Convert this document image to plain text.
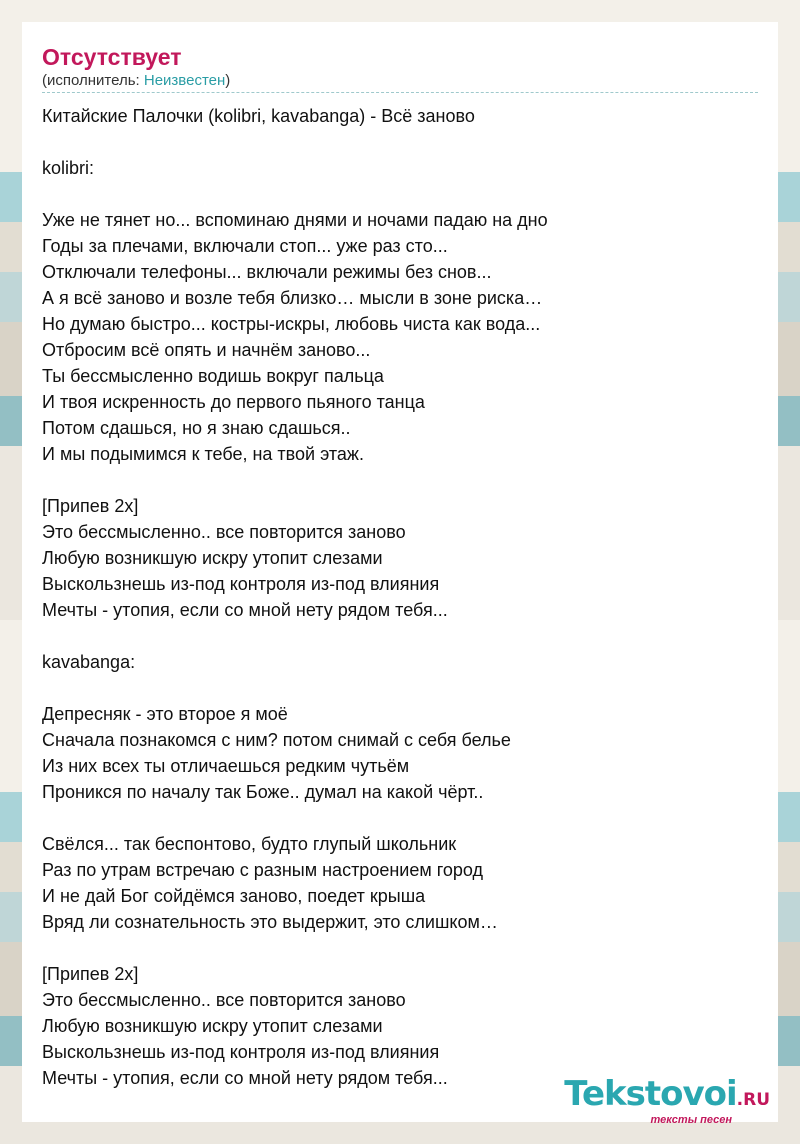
Отсутствует
(исполнитель: Неизвестен)
Китайские Палочки (kolibri, kavabanga) - Всё заново
kolibri:
Уже не тянет но... вспоминаю днями и ночами падаю на дно
Годы за плечами, включали стоп... уже раз сто...
Отключали телефоны... включали режимы без снов...
А я всё заново и возле тебя близко… мысли в зоне риска…
Но думаю быстро... костры-искры, любовь чиста как вода...
Отбросим всё опять и начнём заново...
Ты бессмысленно водишь вокруг пальца
И твоя искренность до первого пьяного танца
Потом сдашься, но я знаю сдашься..
И мы подымимся к тебе, на твой этаж.
[Припев 2х]
Это бессмысленно.. все повторится заново
Любую возникшую искру утопит слезами
Выскользнешь из-под контроля из-под влияния
Мечты - утопия, если со мной нету рядом тебя...
kavabanga:
Депресняк - это второе я моё
Сначала познакомся с ним? потом снимай с себя белье
Из них всех ты отличаешься редким чутьём
Проникся по началу так Боже.. думал на какой чёрт..
Свёлся... так беспонтово, будто глупый школьник
Раз по утрам встречаю с разным настроением город
И не дай Бог сойдёмся заново, поедет крыша
Вряд ли сознательность это выдержит, это слишком…
[Припев 2х]
Это бессмысленно.. все повторится заново
Любую возникшую искру утопит слезами
Выскользнешь из-под контроля из-под влияния
Мечты - утопия, если со мной нету рядом тебя...	Tekstovoi.RU
тексты песен
